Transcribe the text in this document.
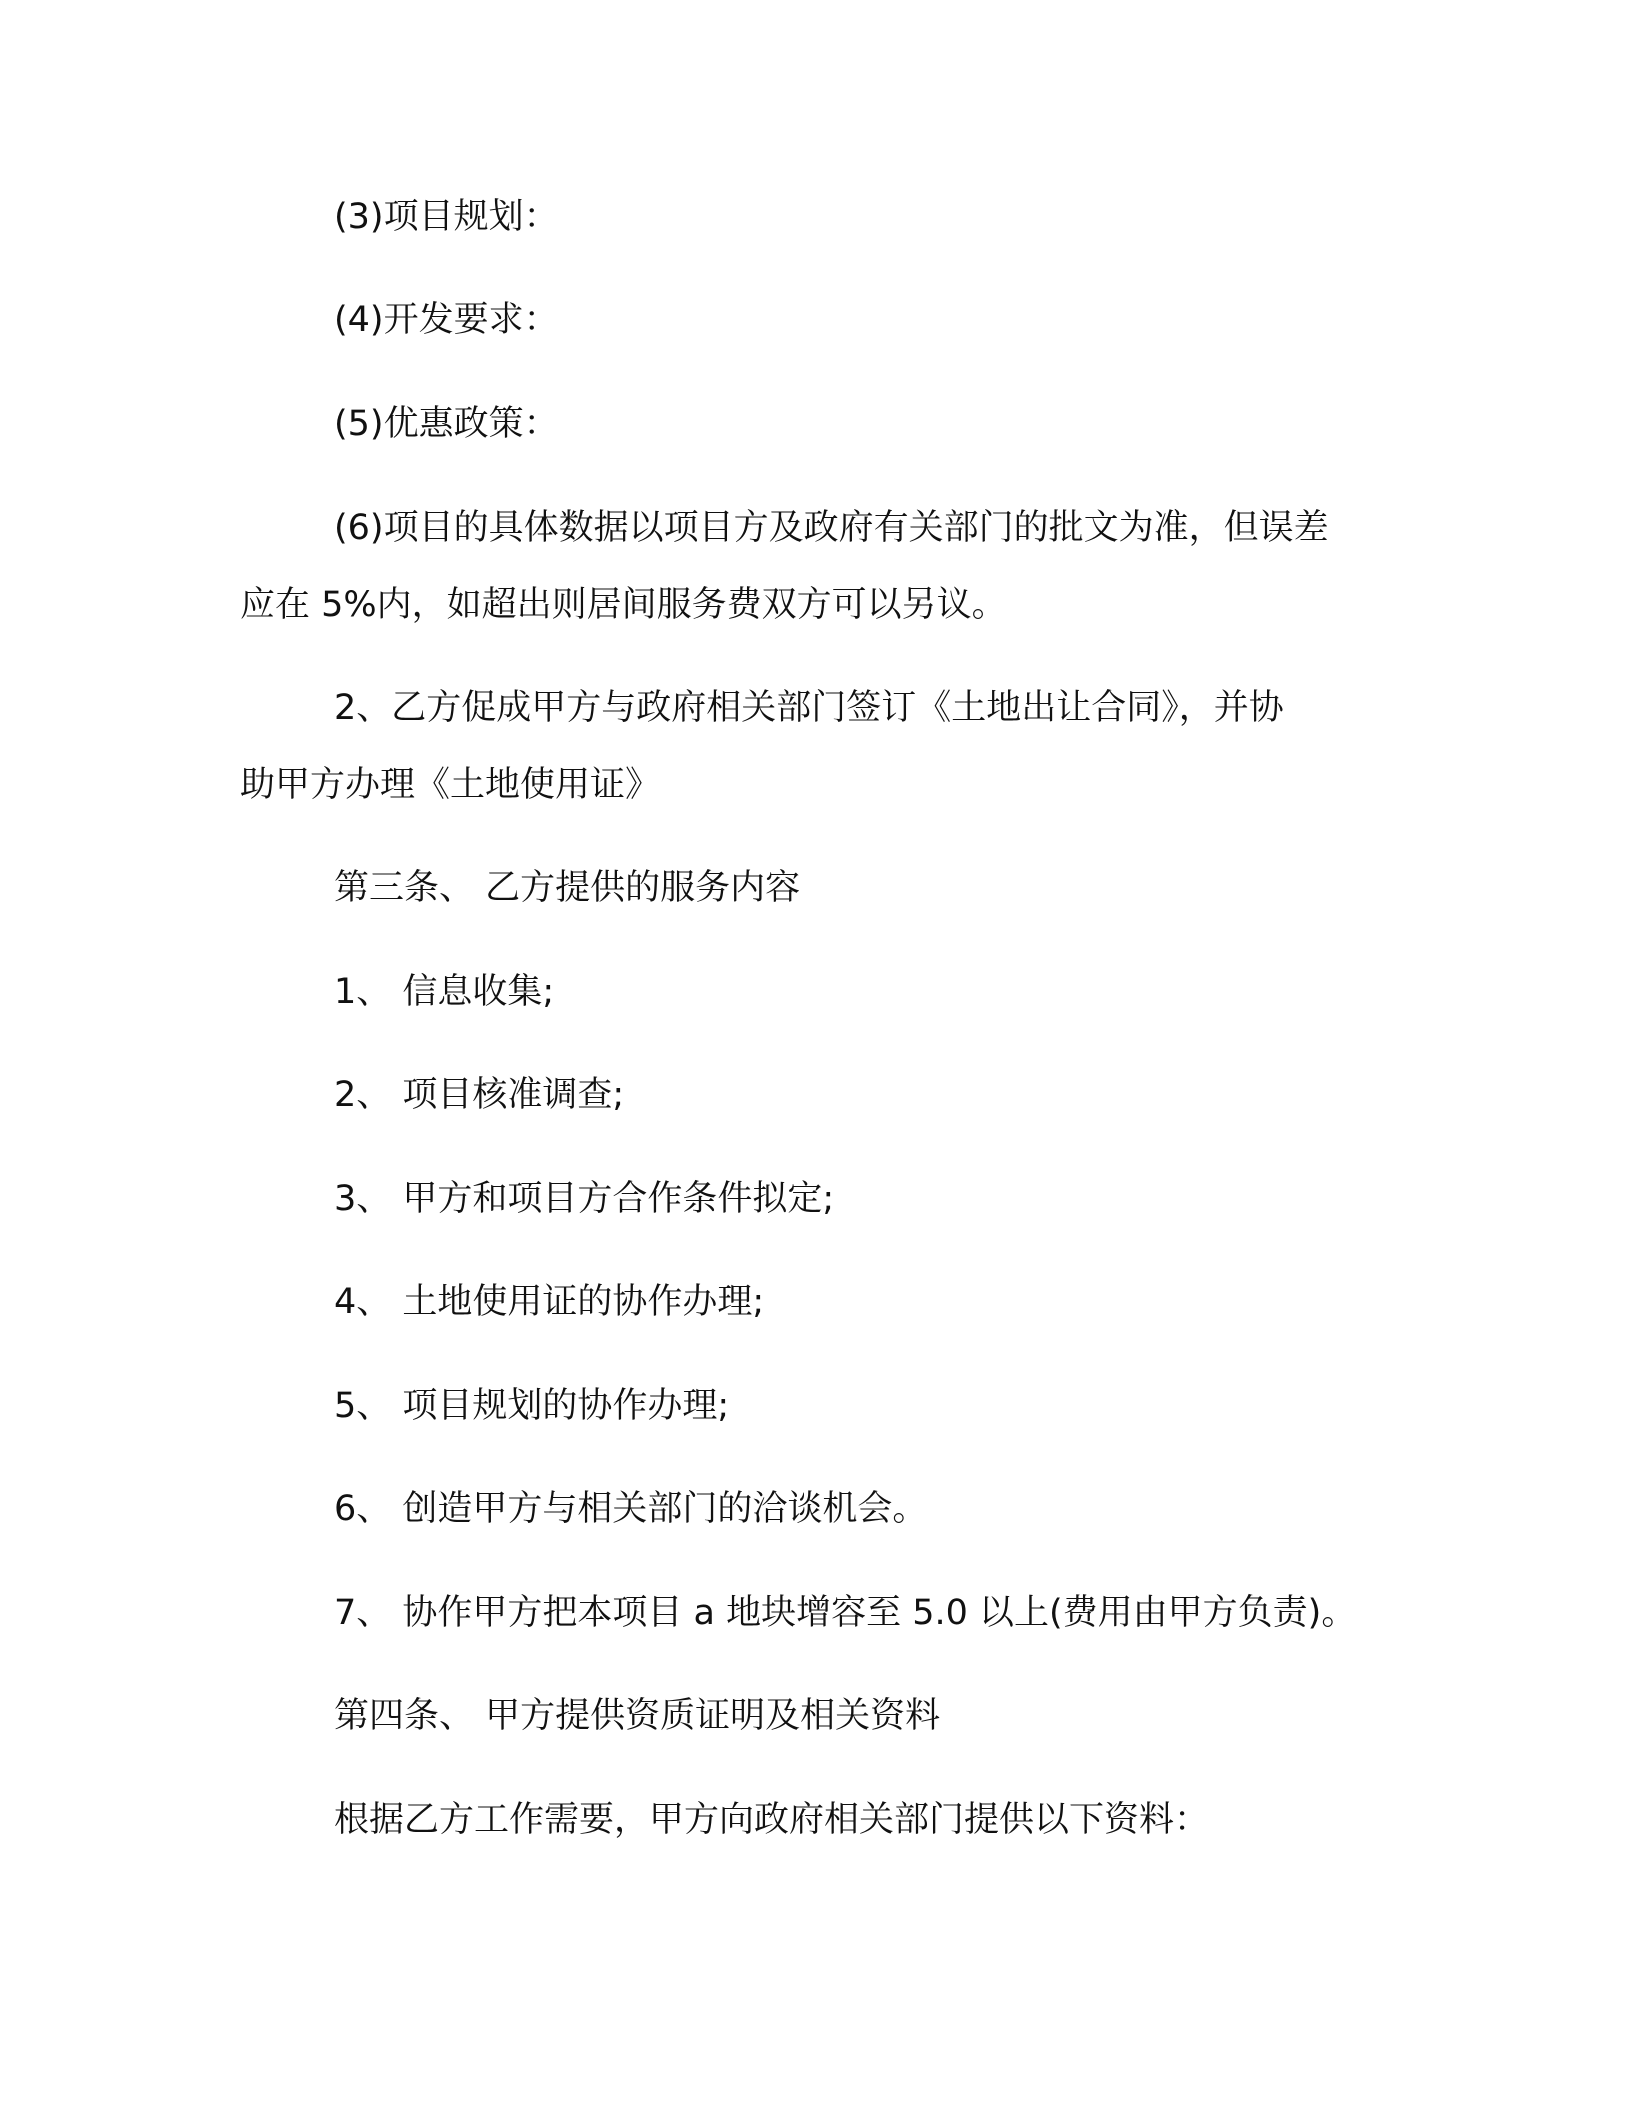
(3)项目规划：
(4)开发要求：
(5)优惠政策：
(6)项目的具体数据以项目方及政府有关部门的批文为准，但误差
应在 5%内，如超出则居间服务费双方可以另议。
2、乙方促成甲方与政府相关部门签订《土地出让合同》，并协
助甲方办理《土地使用证》
第三条、 乙方提供的服务内容
1、 信息收集;
2、 项目核准调查;
3、 甲方和项目方合作条件拟定;
4、 土地使用证的协作办理;
5、 项目规划的协作办理;
6、 创造甲方与相关部门的洽谈机会。
7、 协作甲方把本项目 a 地块增容至 5.0 以上(费用由甲方负责)。
第四条、 甲方提供资质证明及相关资料
根据乙方工作需要，甲方向政府相关部门提供以下资料：
